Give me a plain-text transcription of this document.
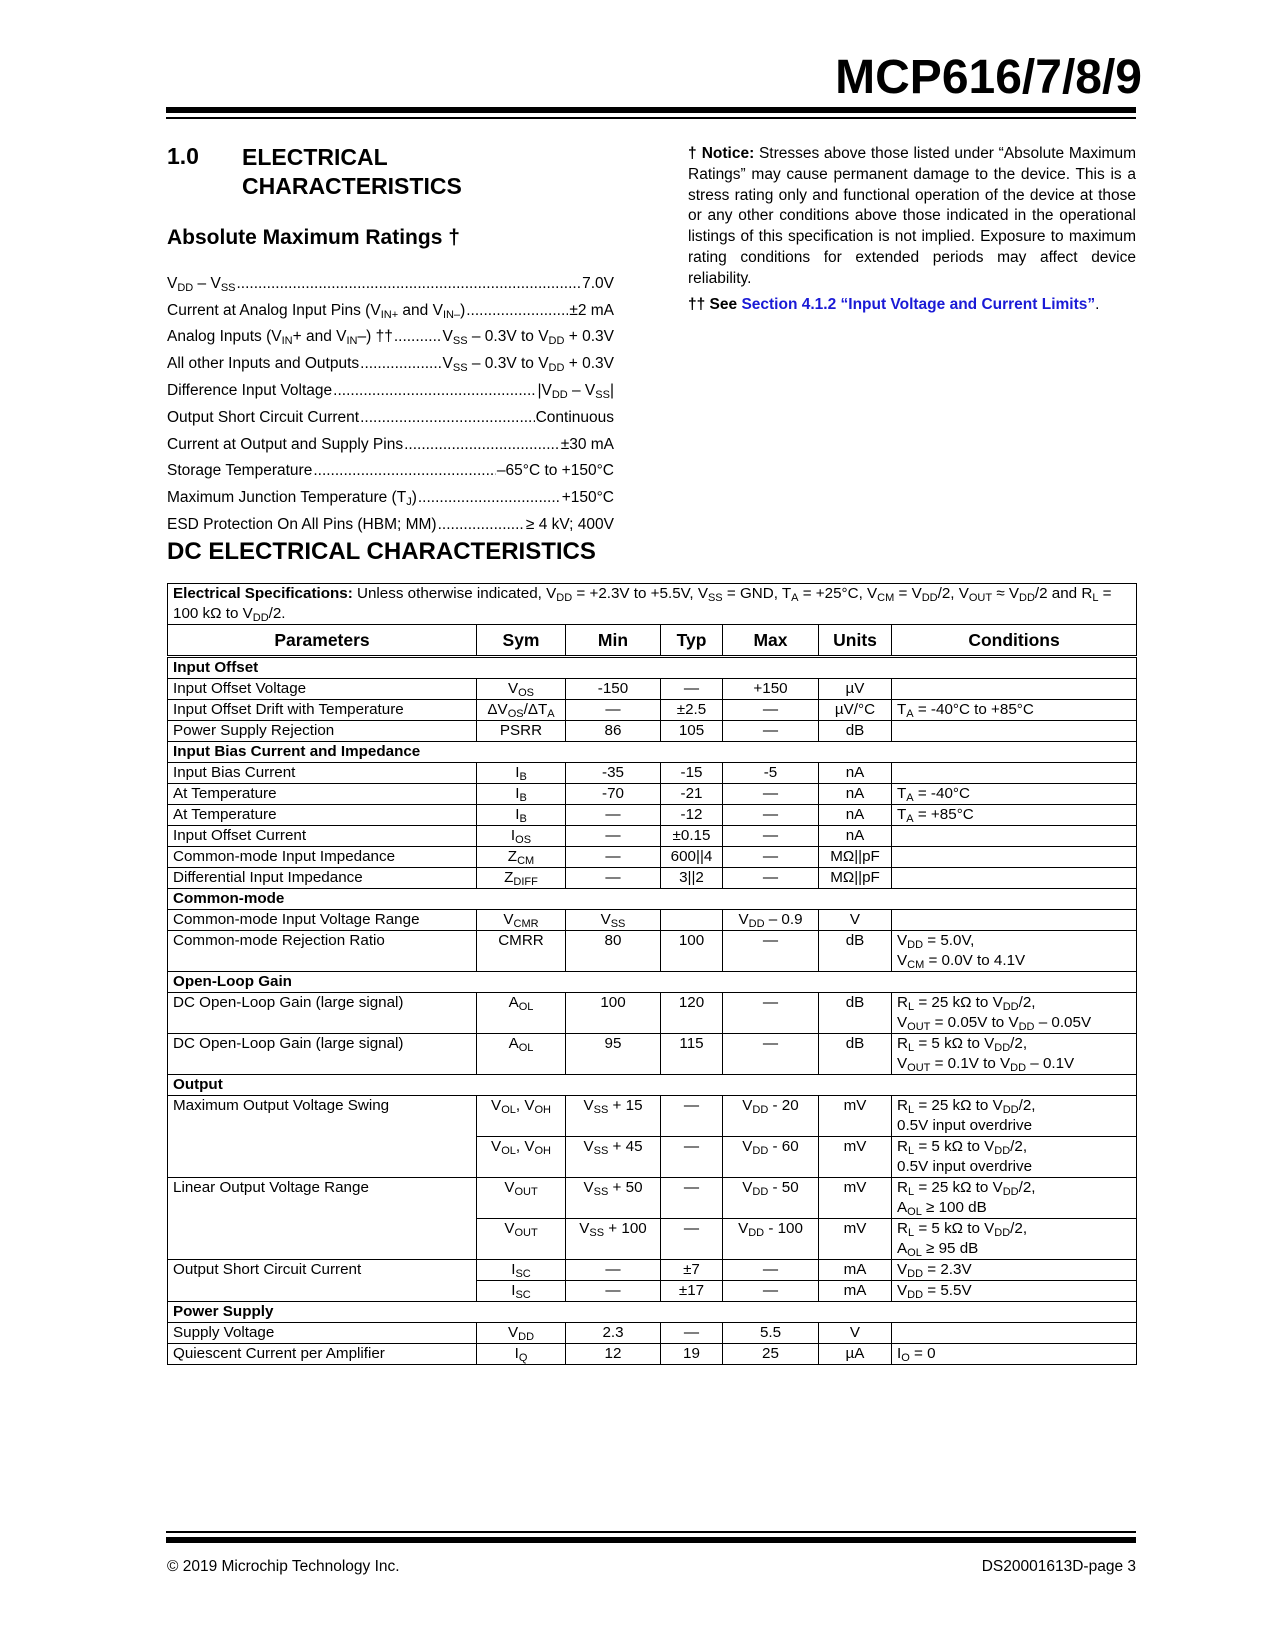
MCP616/7/8/9
1.0 ELECTRICAL
CHARACTERISTICS
Absolute Maximum Ratings †
$V_{DD} - V_{SS}$ .....	7.0V
Current at Analog Input Pins ($V_{IN+}$ and $V_{IN-}$) .....	±2 mA
Analog Inputs ($V_{IN}+$ and $V_{IN}-$) †† .....	$V_{SS} - 0.3V$ to $V_{DD} + 0.3V$
All other Inputs and Outputs .....	$V_{SS} - 0.3V$ to $V_{DD} + 0.3V$
Difference Input Voltage .....	$|V_{DD} - V_{SS}|$
Output Short Circuit Current .....	Continuous
Current at Output and Supply Pins .....	±30 mA
Storage Temperature .....	–65°C to +150°C
Maximum Junction Temperature $(T_J)$ .....	+150°C
ESD Protection On All Pins (HBM; MM) .....	≥ 4 kV; 400V
† Notice: Stresses above those listed under “Absolute Maximum Ratings” may cause permanent damage to the device. This is a stress rating only and functional operation of the device at those or any other conditions above those indicated in the operational listings of this specification is not implied. Exposure to maximum rating conditions for extended periods may affect device reliability.
†† See Section 4.1.2 “Input Voltage and Current Limits”.
DC ELECTRICAL CHARACTERISTICS
Electrical Specifications: Unless otherwise indicated, $V_{DD} = +2.3V$ to +5.5V, $V_{SS}$ = GND, $T_A = +25^\circ C$, $V_{CM} = V_{DD}/2$, $V_{OUT} \approx V_{DD}/2$ and $R_L = 100$ kΩ to $V_{DD}/2$.						
Parameters	Sym	Min	Typ	Max	Units	Conditions
Input Offset						
Input Offset Voltage	$V_{OS}$	-150	—	+150	µV	
Input Offset Drift with Temperature	$\Delta V_{OS}/\Delta T_A$	—	±2.5	—	µV/°C	$T_A = -40^\circ C$ to +85°C

Power Supply Rejection	PSRR	86	105	—	dB	
Input Bias Current and Impedance						
Input Bias Current	$I_B$	-35	-15	-5	nA	
At Temperature	$I_B$	-70	-21	—	nA	$T_A = -40^\circ C$

At Temperature	$I_B$	—	-12	—	nA	$T_A = +85^\circ C$

Input Offset Current	$I_{OS}$	—	±0.15	—	nA	
Common-mode Input Impedance	$Z_{CM}$	—	600||4	—	MΩ||pF	
Differential Input Impedance	$Z_{DIFF}$	—	3||2	—	MΩ||pF	
Common-mode						
Common-mode Input Voltage Range	$V_{CMR}$	$V_{SS}$		$V_{DD} - 0.9$	V	
Common-mode Rejection Ratio	CMRR	80	100	—	dB	$V_{DD} = 5.0V$,
$V_{CM} = 0.0V$ to 4.1V

Open-Loop Gain						
DC Open-Loop Gain (large signal)	$A_{OL}$	100	120	—	dB	$R_L = 25$ kΩ to $V_{DD}/2$,
$V_{OUT} = 0.05V$ to $V_{DD} - 0.05V$

DC Open-Loop Gain (large signal)	$A_{OL}$	95	115	—	dB	$R_L = 5$ kΩ to $V_{DD}/2$,
$V_{OUT} = 0.1V$ to $V_{DD} - 0.1V$

Output						
Maximum Output Voltage Swing	$V_{OL}$, $V_{OH}$	$V_{SS} + 15$	—	$V_{DD} - 20$	mV	$R_L = 25$ kΩ to $V_{DD}/2$,
0.5V input overdrive

	$V_{OL}$, $V_{OH}$	$V_{SS} + 45$	—	$V_{DD} - 60$	mV	$R_L = 5$ kΩ to $V_{DD}/2$,
0.5V input overdrive

Linear Output Voltage Range	$V_{OUT}$	$V_{SS} + 50$	—	$V_{DD} - 50$	mV	$R_L = 25$ kΩ to $V_{DD}/2$,
$A_{OL} \ge 100$ dB

	$V_{OUT}$	$V_{SS} + 100$	—	$V_{DD} - 100$	mV	$R_L = 5$ kΩ to $V_{DD}/2$,
$A_{OL} \ge 95$ dB

Output Short Circuit Current	$I_{SC}$	—	±7	—	mA	$V_{DD} = 2.3V$

	$I_{SC}$	—	±17	—	mA	$V_{DD} = 5.5V$

Power Supply						
Supply Voltage	$V_{DD}$	2.3	—	5.5	V	
Quiescent Current per Amplifier	$I_Q$	12	19	25	µA	$I_O = 0$
© 2019 Microchip Technology Inc.	DS20001613D-page 3
